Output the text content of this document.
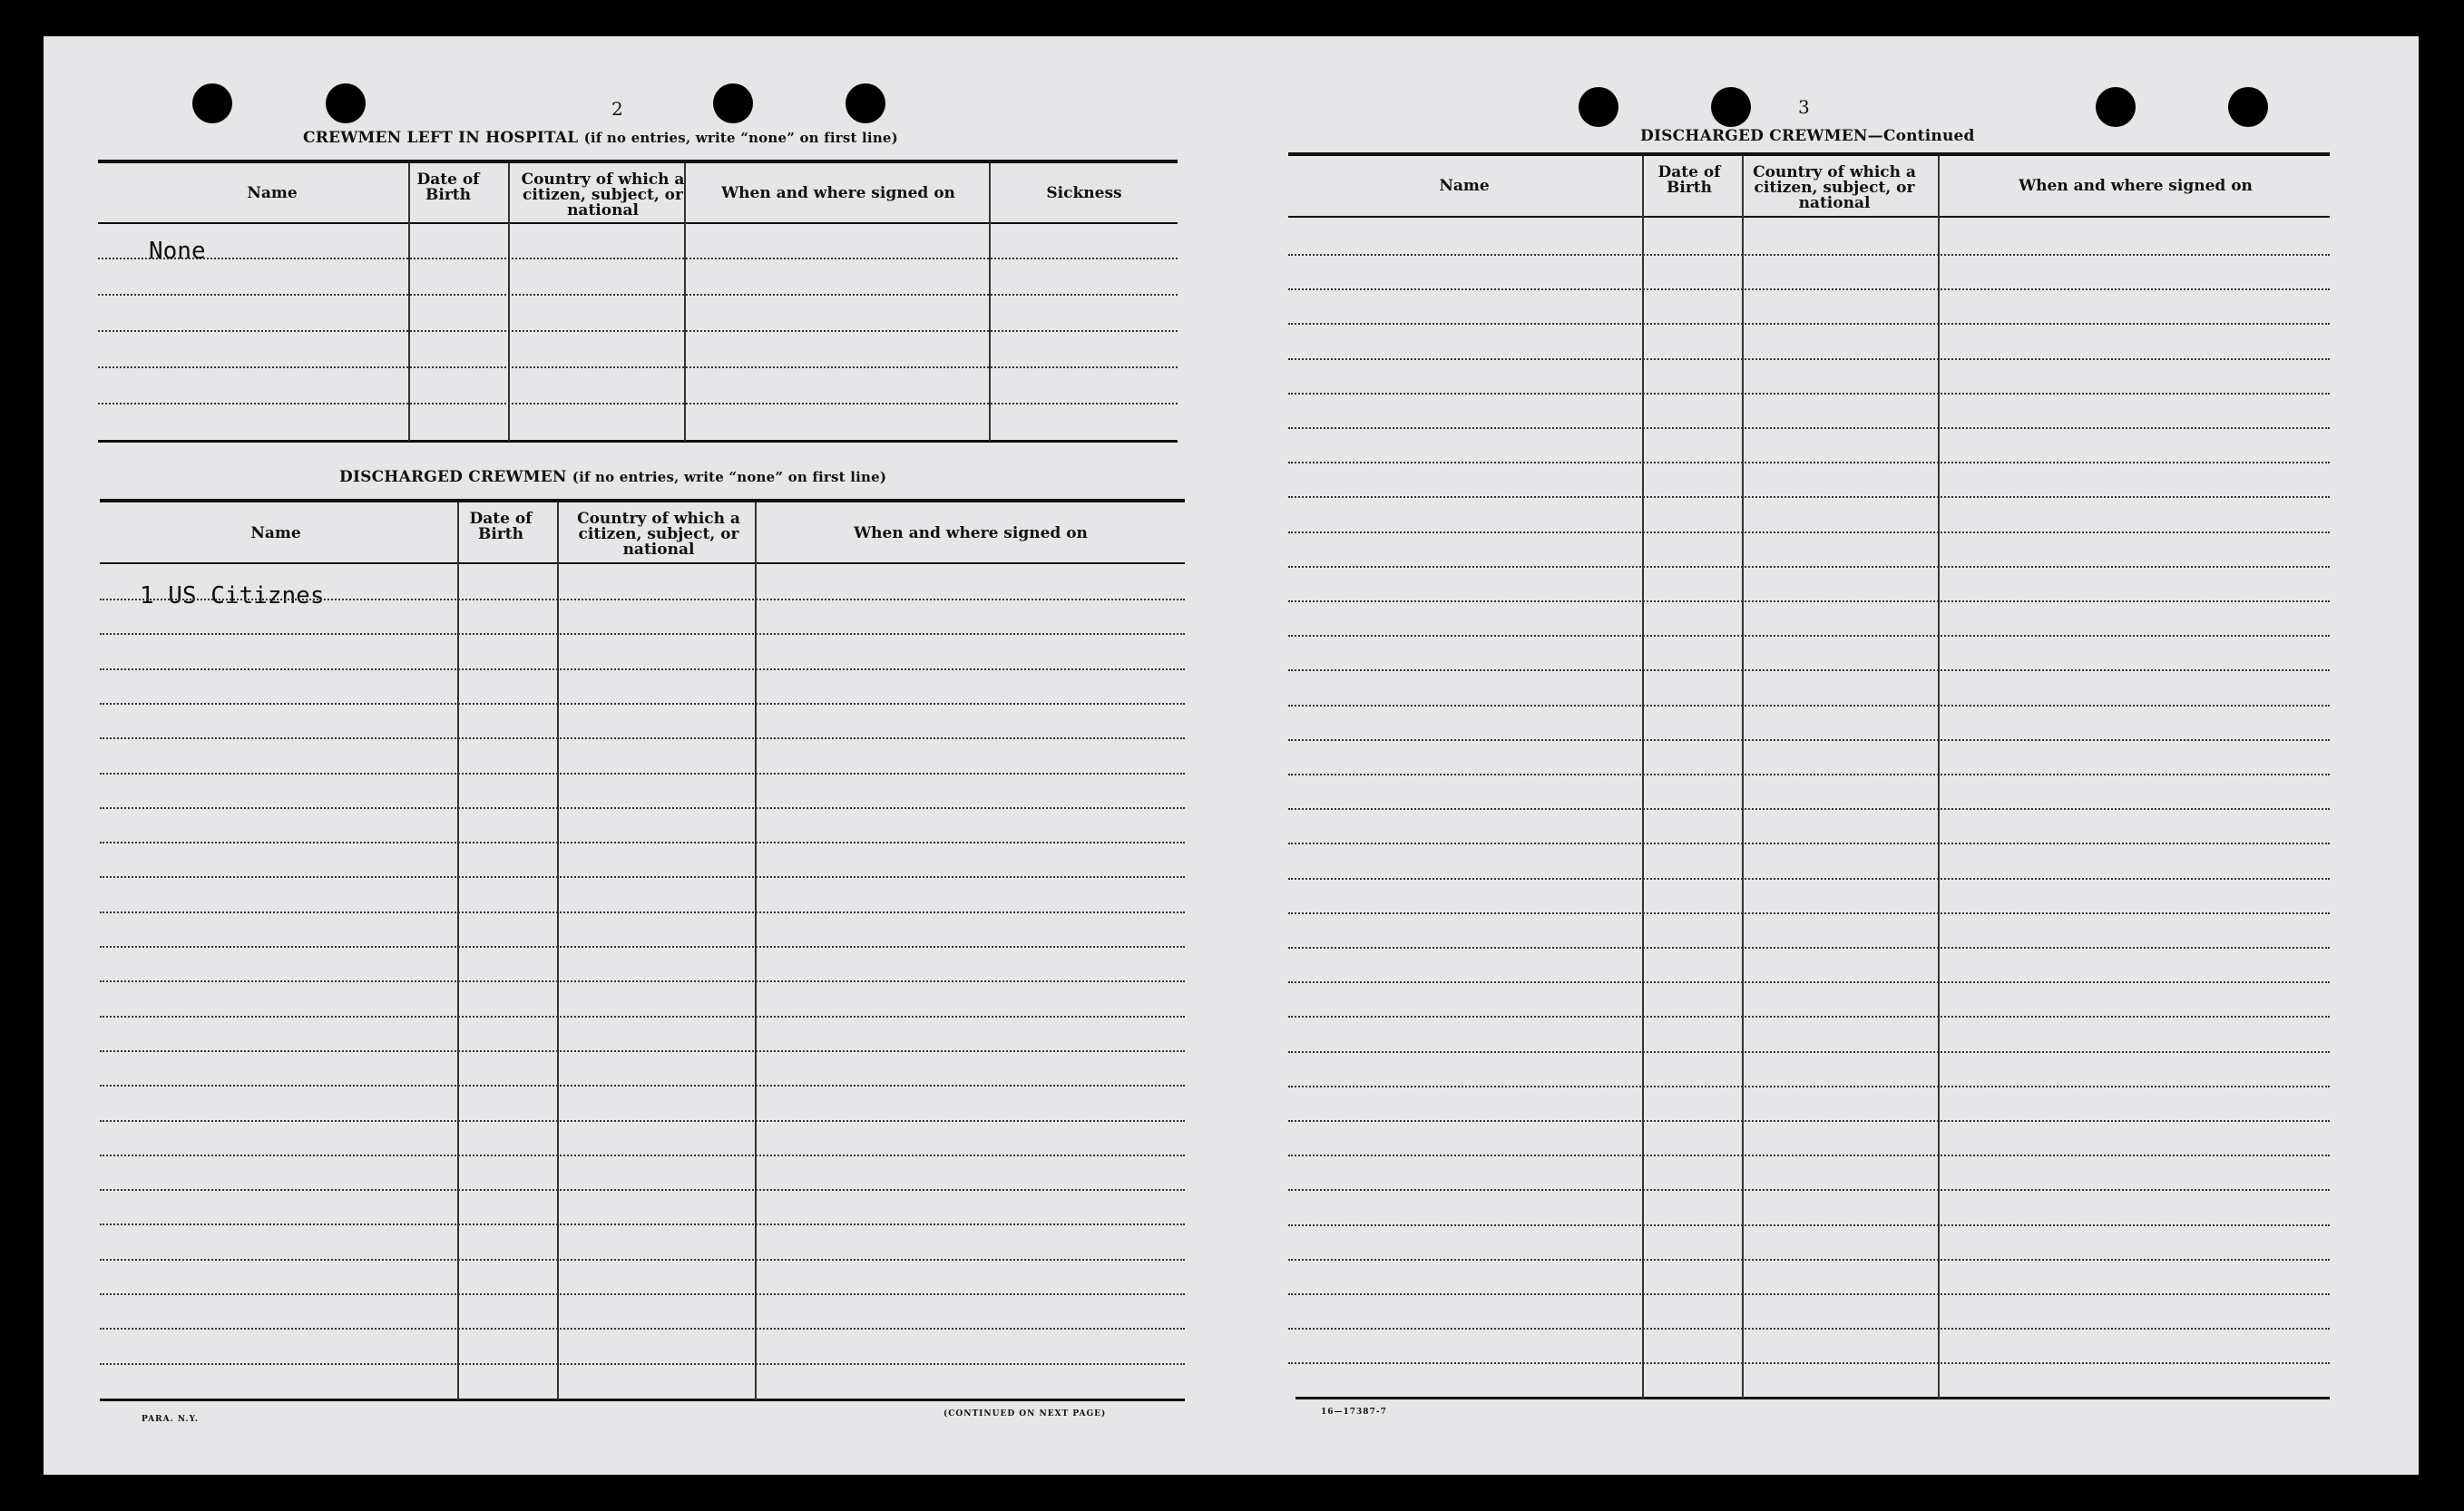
2
CREWMEN LEFT IN HOSPITAL (if no entries, write “none” on first line)
Name
Date of Birth
Country of which a citizen, subject, or national
When and where signed on	Sickness
None
DISCHARGED CREWMEN (if no entries, write “none” on first line)
Name
Date of Birth
Country of which a citizen, subject, or national
When and where signed on
1 US Citiznes
PARA. N.Y.
(CONTINUED ON NEXT PAGE)
3
DISCHARGED CREWMEN—Continued
Name
Date of Birth
Country of which a citizen, subject, or national
When and where signed on
16—17387-7
